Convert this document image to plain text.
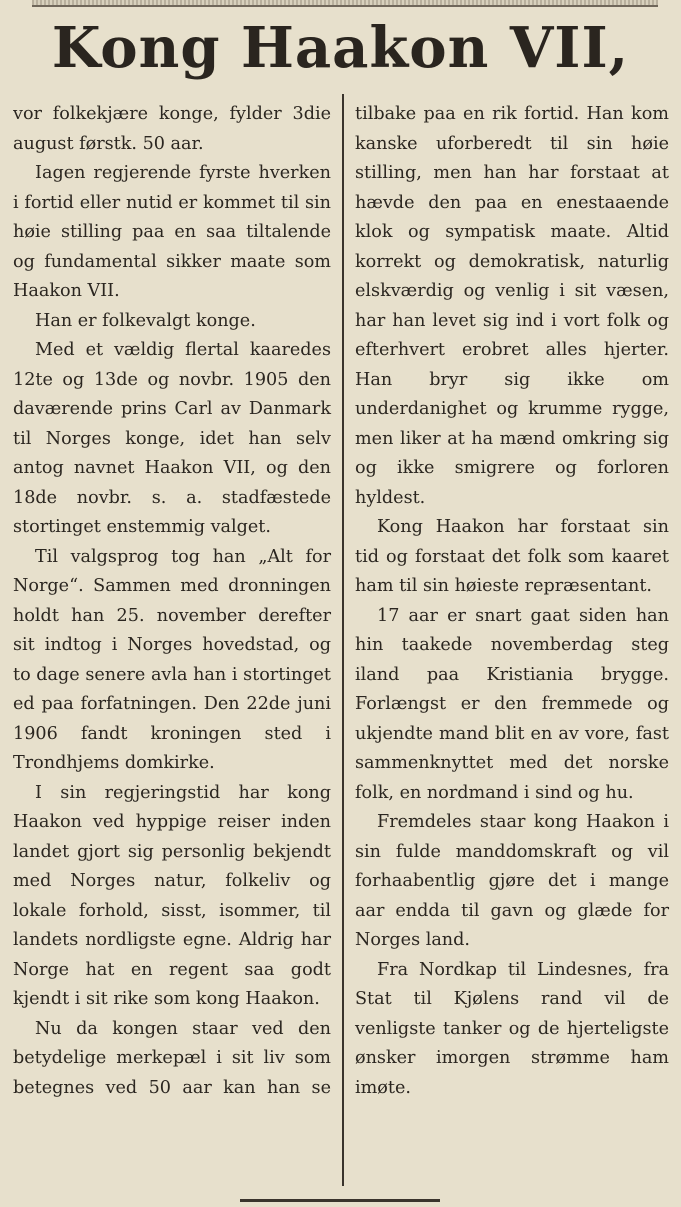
Kong Haakon VII,

vor folkekjære konge, fylder 3die
august førstk. 50 aar.

Iagen regjerende fyrste hverken i fortid eller nutid er kommet til sin høie stilling paa en saa tiltalende og fundamental sikker maate som Haakon VII.

Han er folkevalgt konge.

Med et vældig flertal kaaredes 12te og 13de og novbr. 1905 den daværende prins Carl av Danmark til Norges konge, idet han selv antog navnet Haakon VII, og den 18de novbr. s. a. stadfæstede stortinget enstemmig valget.

Til valgsprog tog han „Alt for Norge“. Sammen med dronningen holdt han 25. november derefter sit indtog i Norges hovedstad, og to dage senere avla han i stortinget ed paa forfatningen. Den 22de juni 1906 fandt kroningen sted i Trondhjems domkirke.

I sin regjeringstid har kong Haakon ved hyppige reiser inden landet gjort sig personlig bekjendt med Norges natur, folkeliv og lokale forhold, sisst, isommer, til landets nordligste egne. Aldrig har Norge hat en regent saa godt kjendt i sit rike som kong Haakon.

Nu da kongen staar ved den betydelige merkepæl i sit liv som betegnes ved 50 aar kan han se

tilbake paa en rik fortid. Han kom kanske uforberedt til sin høie stilling, men han har forstaat at hævde den paa en enestaaende klok og sympatisk maate. Altid korrekt og demokratisk, naturlig elskværdig og venlig i sit væsen, har han levet sig ind i vort folk og efterhvert erobret alles hjerter. Han bryr sig ikke om underdanighet og krumme rygge, men liker at ha mænd omkring sig og ikke smigrere og forloren hyldest.

Kong Haakon har forstaat sin tid og forstaat det folk som kaaret ham til sin høieste repræsentant.

17 aar er snart gaat siden han hin taakede novemberdag steg iland paa Kristiania brygge. Forlængst er den fremmede og ukjendte mand blit en av vore, fast sammenknyttet med det norske folk, en nordmand i sind og hu.

Fremdeles staar kong Haakon i sin fulde manddomskraft og vil forhaabentlig gjøre det i mange aar endda til gavn og glæde for Norges land.

Fra Nordkap til Lindesnes, fra Stat til Kjølens rand vil de venligste tanker og de hjerteligste ønsker imorgen strømme ham imøte.
